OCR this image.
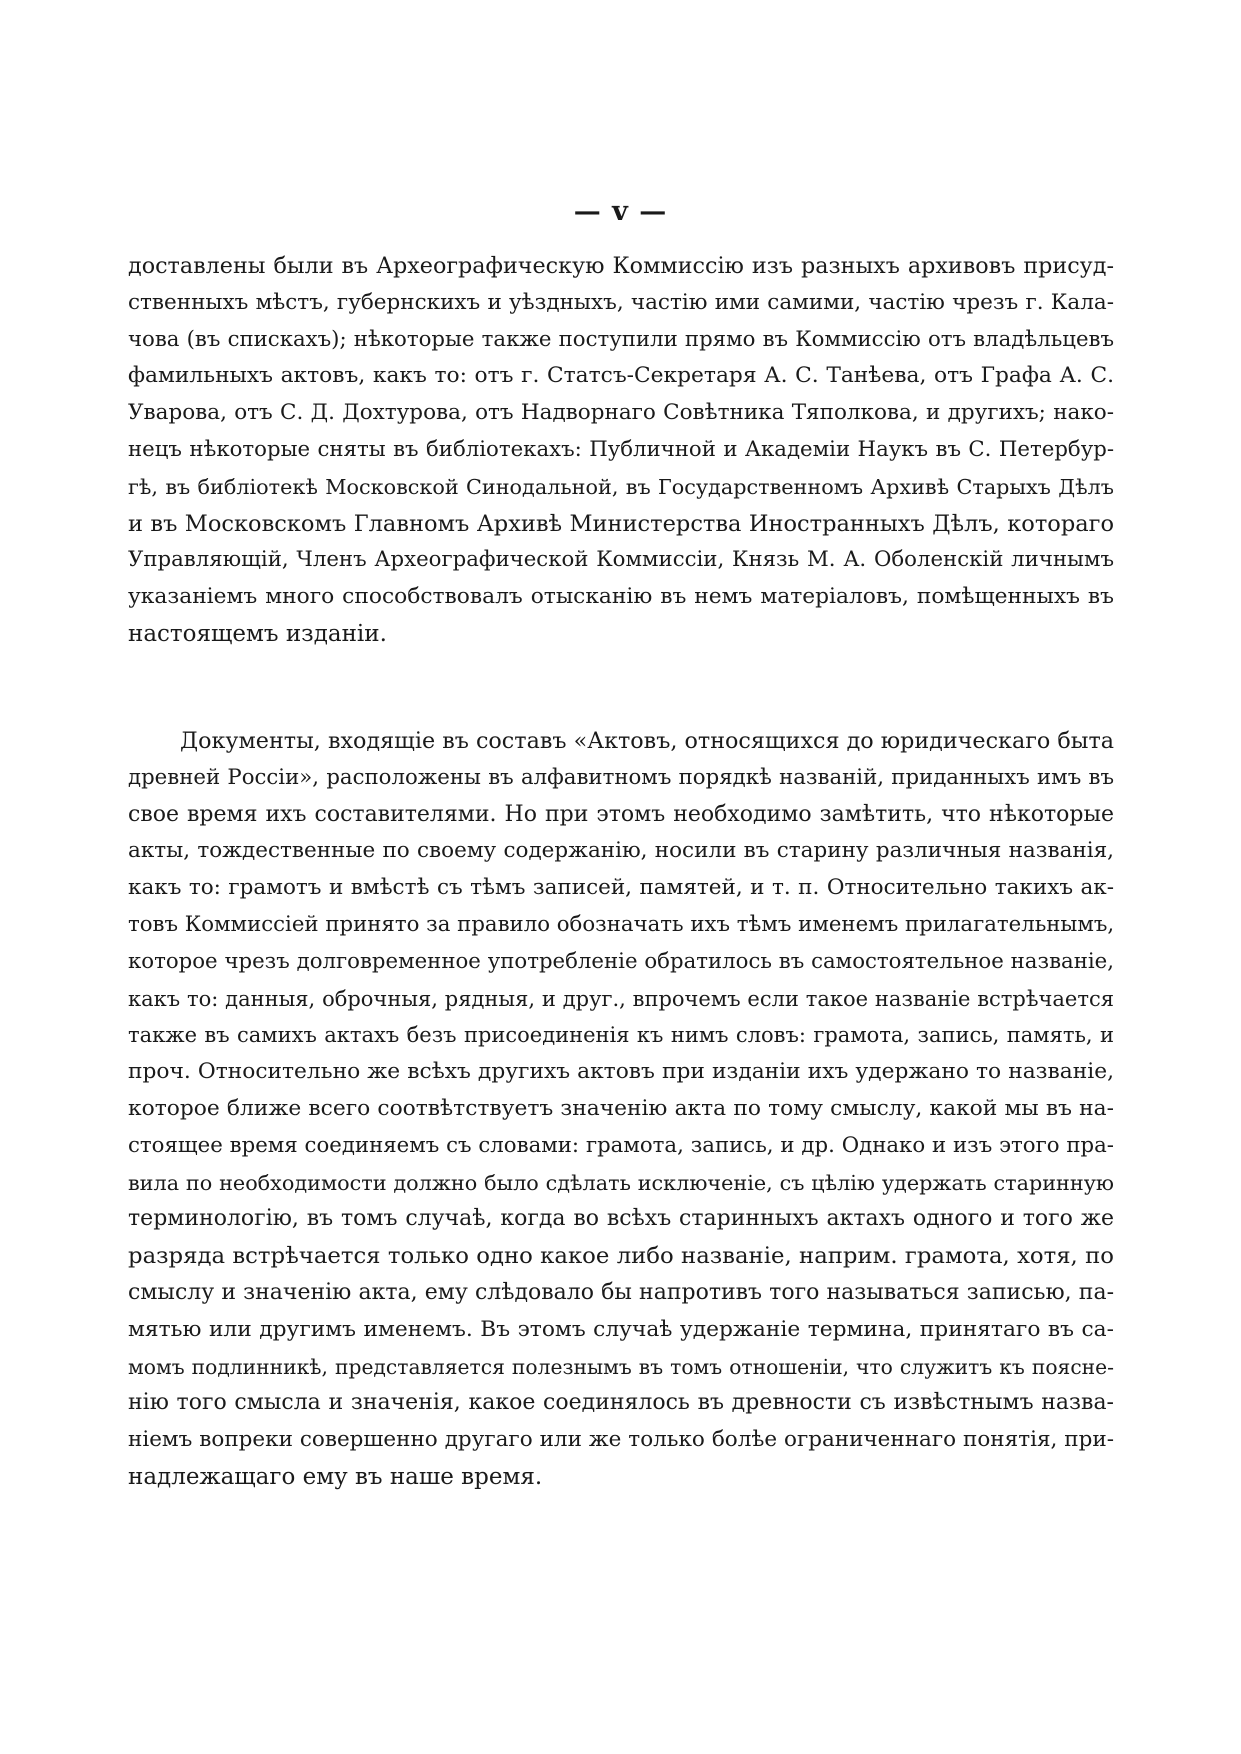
— v —
доставлены были въ Археографическую Коммиссію изъ разныхъ архивовъ присуд-
ственныхъ мѣстъ, губернскихъ и уѣздныхъ, частію ими самими, частію чрезъ г. Кала-
чова (въ спискахъ); нѣкоторые также поступили прямо въ Коммиссію отъ владѣльцевъ
фамильныхъ актовъ, какъ то: отъ г. Статсъ-Секретаря А. С. Танѣева, отъ Графа А. С.
Уварова, отъ С. Д. Дохтурова, отъ Надворнаго Совѣтника Тяполкова, и другихъ; нако-
нецъ нѣкоторые сняты въ библіотекахъ: Публичной и Академіи Наукъ въ С. Петербур-
гѣ, въ библіотекѣ Московской Синодальной, въ Государственномъ Архивѣ Старыхъ Дѣлъ
и въ Московскомъ Главномъ Архивѣ Министерства Иностранныхъ Дѣлъ, котораго
Управляющій, Членъ Археографической Коммиссіи, Князь М. А. Оболенскій личнымъ
указаніемъ много способствовалъ отысканію въ немъ матеріаловъ, помѣщенныхъ въ
настоящемъ изданіи.
Документы, входящіе въ составъ «Актовъ, относящихся до юридическаго быта
древней Россіи», расположены въ алфавитномъ порядкѣ названій, приданныхъ имъ въ
свое время ихъ составителями. Но при этомъ необходимо замѣтить, что нѣкоторые
акты, тождественные по своему содержанію, носили въ старину различныя названія,
какъ то: грамотъ и вмѣстѣ съ тѣмъ записей, памятей, и т. п. Относительно такихъ ак-
товъ Коммиссіей принято за правило обозначать ихъ тѣмъ именемъ прилагательнымъ,
которое чрезъ долговременное употребленіе обратилось въ самостоятельное названіе,
какъ то: данныя, оброчныя, рядныя, и друг., впрочемъ если такое названіе встрѣчается
также въ самихъ актахъ безъ присоединенія къ нимъ словъ: грамота, запись, память, и
проч. Относительно же всѣхъ другихъ актовъ при изданіи ихъ удержано то названіе,
которое ближе всего соотвѣтствуетъ значенію акта по тому смыслу, какой мы въ на-
стоящее время соединяемъ съ словами: грамота, запись, и др. Однако и изъ этого пра-
вила по необходимости должно было сдѣлать исключеніе, съ цѣлію удержать старинную
терминологію, въ томъ случаѣ, когда во всѣхъ старинныхъ актахъ одного и того же
разряда встрѣчается только одно какое либо названіе, наприм. грамота, хотя, по
смыслу и значенію акта, ему слѣдовало бы напротивъ того называться записью, па-
мятью или другимъ именемъ. Въ этомъ случаѣ удержаніе термина, принятаго въ са-
момъ подлинникѣ, представляется полезнымъ въ томъ отношеніи, что служитъ къ поясне-
нію того смысла и значенія, какое соединялось въ древности съ извѣстнымъ назва-
ніемъ вопреки совершенно другаго или же только болѣе ограниченнаго понятія, при-
надлежащаго ему въ наше время.
